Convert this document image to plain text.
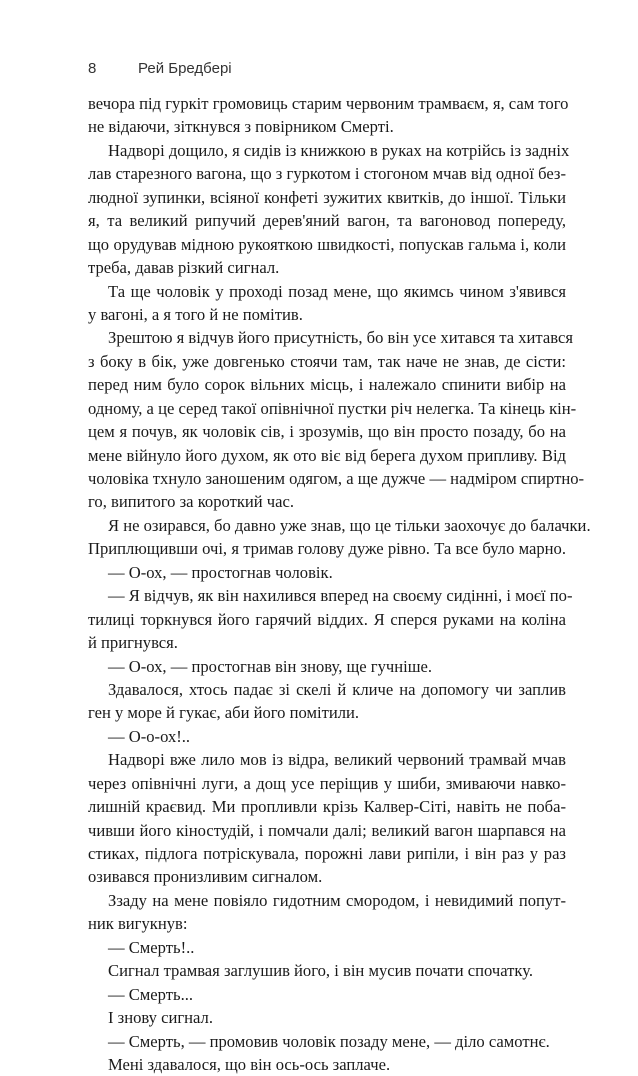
8	Рей Бредбері
вечора під гуркіт громовиць старим червоним трамваєм, я, сам того
не відаючи, зіткнувся з повірником Смерті.
Надворі дощило, я сидів із книжкою в руках на котрійсь із задніх
лав старезного вагона, що з гуркотом і стогоном мчав від одної без-
людної зупинки, всіяної конфеті зужитих квитків, до іншої. Тільки
я, та великий рипучий дерев'яний вагон, та вагоновод попереду,
що орудував мідною рукояткою швидкості, попускав гальма і, коли
треба, давав різкий сигнал.
Та ще чоловік у проході позад мене, що якимсь чином з'явився
у вагоні, а я того й не помітив.
Зрештою я відчув його присутність, бо він усе хитався та хитався
з боку в бік, уже довгенько стоячи там, так наче не знав, де сісти:
перед ним було сорок вільних місць, і належало спинити вибір на
одному, а це серед такої опівнічної пустки річ нелегка. Та кінець кін-
цем я почув, як чоловік сів, і зрозумів, що він просто позаду, бо на
мене війнуло його духом, як ото віє від берега духом припливу. Від
чоловіка тхнуло заношеним одягом, а ще дужче — надміром спиртно-
го, випитого за короткий час.
Я не озирався, бо давно уже знав, що це тільки заохочує до балачки.
Приплющивши очі, я тримав голову дуже рівно. Та все було марно.
— О-ох, — простогнав чоловік.
— Я відчув, як він нахилився вперед на своєму сидінні, і моєї по-
тилиці торкнувся його гарячий віддих. Я сперся руками на коліна
й пригнувся.
— О-ох, — простогнав він знову, ще гучніше.
Здавалося, хтось падає зі скелі й кличе на допомогу чи заплив
ген у море й гукає, аби його помітили.
— О-о-ох!..
Надворі вже лило мов із відра, великий червоний трамвай мчав
через опівнічні луги, а дощ усе періщив у шиби, змиваючи навко-
лишній краєвид. Ми пропливли крізь Калвер-Сіті, навіть не поба-
чивши його кіностудій, і помчали далі; великий вагон шарпався на
стиках, підлога потріскувала, порожні лави рипіли, і він раз у раз
озивався пронизливим сигналом.
Ззаду на мене повіяло гидотним смородом, і невидимий попут-
ник вигукнув:
— Смерть!..
Сигнал трамвая заглушив його, і він мусив почати спочатку.
— Смерть...
І знову сигнал.
— Смерть, — промовив чоловік позаду мене, — діло самотнє.
Мені здавалося, що він ось-ось заплаче.
